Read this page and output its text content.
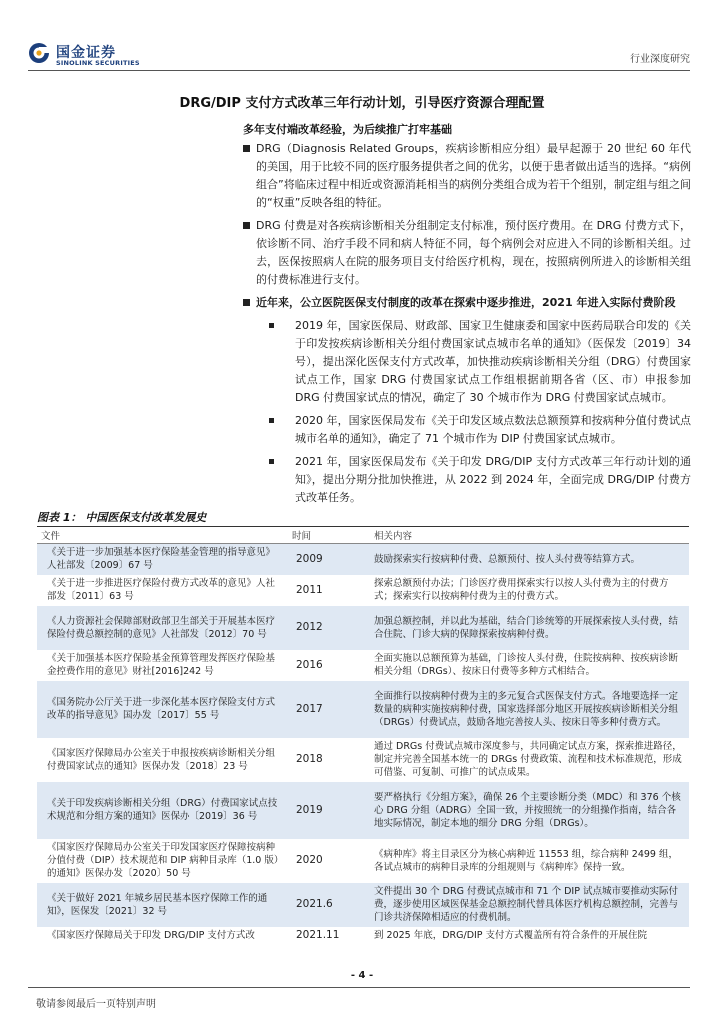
国金证券
SINOLINK SECURITIES	行业深度研究
DRG/DIP 支付方式改革三年行动计划，引导医疗资源合理配置
多年支付端改革经验，为后续推广打牢基础
DRG（Diagnosis Related Groups，疾病诊断相应分组）最早起源于 20 世纪 60 年代的美国，用于比较不同的医疗服务提供者之间的优劣，以便于患者做出适当的选择。“病例组合”将临床过程中相近或资源消耗相当的病例分类组合成为若干个组别，制定组与组之间的“权重”反映各组的特征。
DRG 付费是对各疾病诊断相关分组制定支付标准，预付医疗费用。在 DRG 付费方式下，依诊断不同、治疗手段不同和病人特征不同，每个病例会对应进入不同的诊断相关组。过去，医保按照病人在院的服务项目支付给医疗机构，现在，按照病例所进入的诊断相关组的付费标准进行支付。
近年来，公立医院医保支付制度的改革在探索中逐步推进，2021 年进入实际付费阶段
2019 年，国家医保局、财政部、国家卫生健康委和国家中医药局联合印发的《关于印发按疾病诊断相关分组付费国家试点城市名单的通知》（医保发〔2019〕34 号），提出深化医保支付方式改革，加快推动疾病诊断相关分组（DRG）付费国家试点工作，国家 DRG 付费国家试点工作组根据前期各省（区、市）申报参加 DRG 付费国家试点的情况，确定了 30 个城市作为 DRG 付费国家试点城市。
2020 年，国家医保局发布《关于印发区域点数法总额预算和按病种分值付费试点城市名单的通知》，确定了 71 个城市作为 DIP 付费国家试点城市。
2021 年，国家医保局发布《关于印发 DRG/DIP 支付方式改革三年行动计划的通知》，提出分期分批加快推进，从 2022 到 2024 年，全面完成 DRG/DIP 付费方式改革任务。
图表 1： 中国医保支付改革发展史
文件	时间	相关内容
《关于进一步加强基本医疗保险基金管理的指导意见》人社部发〔2009〕67 号	2009	鼓励探索实行按病种付费、总额预付、按人头付费等结算方式。
《关于进一步推进医疗保险付费方式改革的意见》人社部发〔2011〕63 号	2011	探索总额预付办法；门诊医疗费用探索实行以按人头付费为主的付费方式；探索实行以按病种付费为主的付费方式。
《人力资源社会保障部财政部卫生部关于开展基本医疗保险付费总额控制的意见》人社部发〔2012〕70 号	2012	加强总额控制，并以此为基础，结合门诊统筹的开展探索按人头付费，结合住院、门诊大病的保障探索按病种付费。
《关于加强基本医疗保险基金预算管理发挥医疗保险基金控费作用的意见》财社[2016]242 号	2016	全面实施以总额预算为基础，门诊按人头付费，住院按病种、按疾病诊断相关分组（DRGs）、按床日付费等多种方式相结合。
《国务院办公厅关于进一步深化基本医疗保险支付方式改革的指导意见》国办发〔2017〕55 号	2017	全面推行以按病种付费为主的多元复合式医保支付方式。各地要选择一定数量的病种实施按病种付费，国家选择部分地区开展按疾病诊断相关分组（DRGs）付费试点，鼓励各地完善按人头、按床日等多种付费方式。
《国家医疗保障局办公室关于申报按疾病诊断相关分组付费国家试点的通知》医保办发〔2018〕23 号	2018	通过 DRGs 付费试点城市深度参与，共同确定试点方案，探索推进路径，制定并完善全国基本统一的 DRGs 付费政策、流程和技术标准规范，形成可借鉴、可复制、可推广的试点成果。
《关于印发疾病诊断相关分组（DRG）付费国家试点技术规范和分组方案的通知》医保办〔2019〕36 号	2019	要严格执行《分组方案》，确保 26 个主要诊断分类（MDC）和 376 个核心 DRG 分组（ADRG）全国一致，并按照统一的分组操作指南，结合各地实际情况，制定本地的细分 DRG 分组（DRGs）。
《国家医疗保障局办公室关于印发国家医疗保障按病种分值付费（DIP）技术规范和 DIP 病种目录库（1.0 版）的通知》医保办发〔2020〕50 号	2020	《病种库》将主目录区分为核心病种近 11553 组，综合病种 2499 组，各试点城市的病种目录库的分组规则与《病种库》保持一致。
《关于做好 2021 年城乡居民基本医疗保障工作的通知》，医保发〔2021〕32 号	2021.6	文件提出 30 个 DRG 付费试点城市和 71 个 DIP 试点城市要推动实际付费，逐步使用区域医保基金总额控制代替具体医疗机构总额控制，完善与门诊共济保障相适应的付费机制。
《国家医疗保障局关于印发 DRG/DIP 支付方式改	2021.11	到 2025 年底，DRG/DIP 支付方式覆盖所有符合条件的开展住院
- 4 -
敬请参阅最后一页特别声明
